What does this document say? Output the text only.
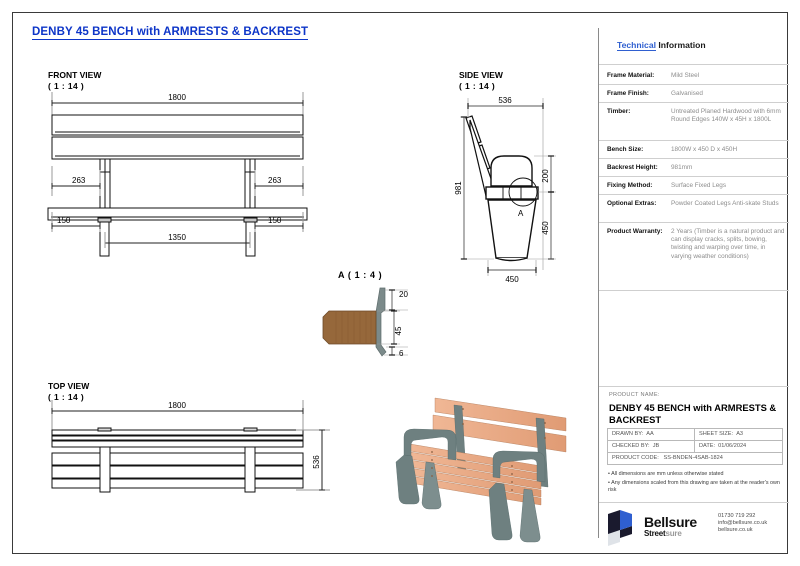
DENBY 45 BENCH with ARMRESTS & BACKREST
FRONT VIEW
( 1 : 14 )
1800
263	263
150	150
1350
SIDE VIEW
( 1 : 14 )
536
981
200
450
450
A
A ( 1 : 4 )
20
45
6
TOP VIEW
( 1 : 14 )
1800
536
Technical Information
Frame Material:	Mild Steel
Frame Finish:	Galvanised
Timber:	Untreated Planed Hardwood with 6mm Round Edges 140W x 45H x 1800L
Bench Size:	1800W x 450 D x 450H
Backrest Height: 981mm
Fixing Method:	Surface Fixed Legs
Optional Extras: Powder Coated Legs Anti-skate Studs
Product Warranty: 2 Years (Timber is a natural product and can display cracks, splits, bowing, twisting and warping over time, in varying weather conditions)
PRODUCT NAME:
DENBY 45 BENCH with ARMRESTS & BACKREST
DRAWN BY: AA	SHEET SIZE: A3
CHECKED BY: JB	DATE: 01/06/2024
PRODUCT CODE: SS-BNDEN-4SAB-1824
• All dimensions are mm unless otherwise stated
• Any dimensions scaled from this drawing are taken at the reader's own risk
Bellsure
Streetsure
01730 719 292
info@bellsure.co.uk
bellsure.co.uk
